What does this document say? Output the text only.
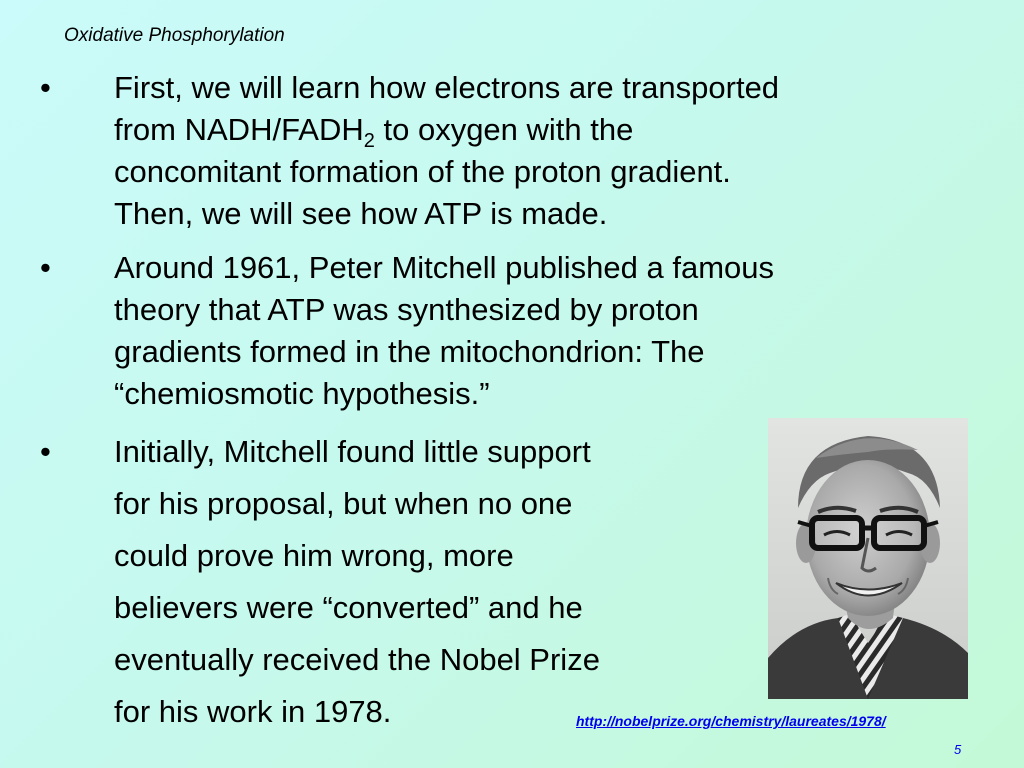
Oxidative Phosphorylation
• First, we will learn how electrons are transported
from NADH/$FADH_2$ to oxygen with the
concomitant formation of the proton gradient.
Then, we will see how ATP is made.
• Around 1961, Peter Mitchell published a famous
theory that ATP was synthesized by proton
gradients formed in the mitochondrion: The
“chemiosmotic hypothesis.”
• Initially, Mitchell found little support
for his proposal, but when no one
could prove him wrong, more
believers were “converted” and he
eventually received the Nobel Prize
for his work in 1978.	http://nobelprize.org/chemistry/laureates/1978/
5
